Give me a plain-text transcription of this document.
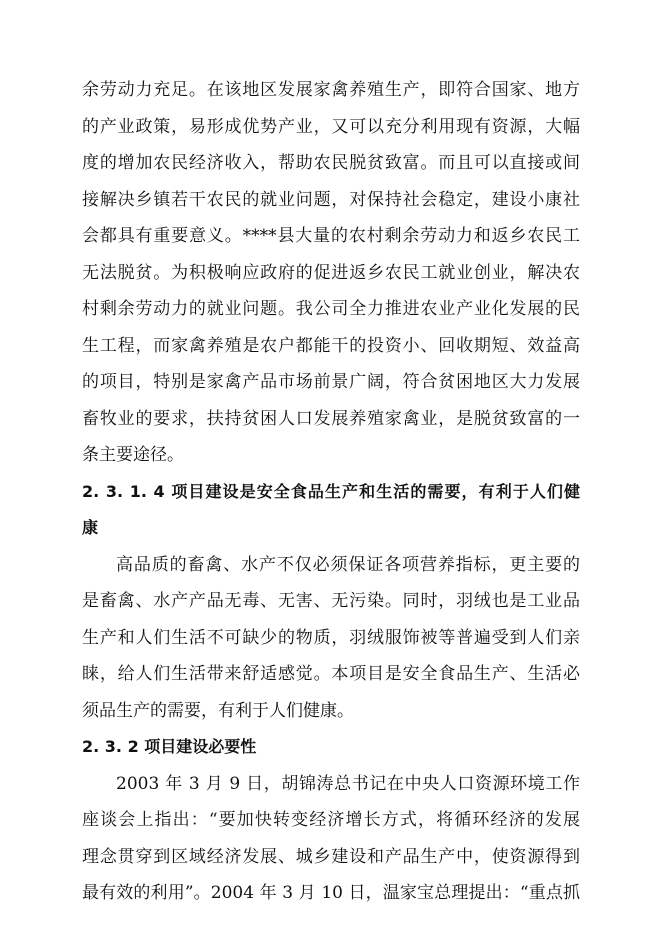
余劳动力充足。在该地区发展家禽养殖生产，即符合国家、地方
的产业政策，易形成优势产业，又可以充分利用现有资源，大幅
度的增加农民经济收入，帮助农民脱贫致富。而且可以直接或间
接解决乡镇若干农民的就业问题，对保持社会稳定，建设小康社
会都具有重要意义。****县大量的农村剩余劳动力和返乡农民工
无法脱贫。为积极响应政府的促进返乡农民工就业创业，解决农
村剩余劳动力的就业问题。我公司全力推进农业产业化发展的民
生工程，而家禽养殖是农户都能干的投资小、回收期短、效益高
的项目，特别是家禽产品市场前景广阔，符合贫困地区大力发展
畜牧业的要求，扶持贫困人口发展养殖家禽业，是脱贫致富的一
条主要途径。
2. 3. 1. 4 项目建设是安全食品生产和生活的需要，有利于人们健
康
高品质的畜禽、水产不仅必须保证各项营养指标，更主要的
是畜禽、水产产品无毒、无害、无污染。同时，羽绒也是工业品
生产和人们生活不可缺少的物质，羽绒服饰被等普遍受到人们亲
睐，给人们生活带来舒适感觉。本项目是安全食品生产、生活必
须品生产的需要，有利于人们健康。
2. 3. 2 项目建设必要性
2003 年 3 月 9 日，胡锦涛总书记在中央人口资源环境工作
座谈会上指出：“要加快转变经济增长方式，将循环经济的发展
理念贯穿到区域经济发展、城乡建设和产品生产中，使资源得到
最有效的利用”。2004 年 3 月 10 日，温家宝总理提出：“重点抓
